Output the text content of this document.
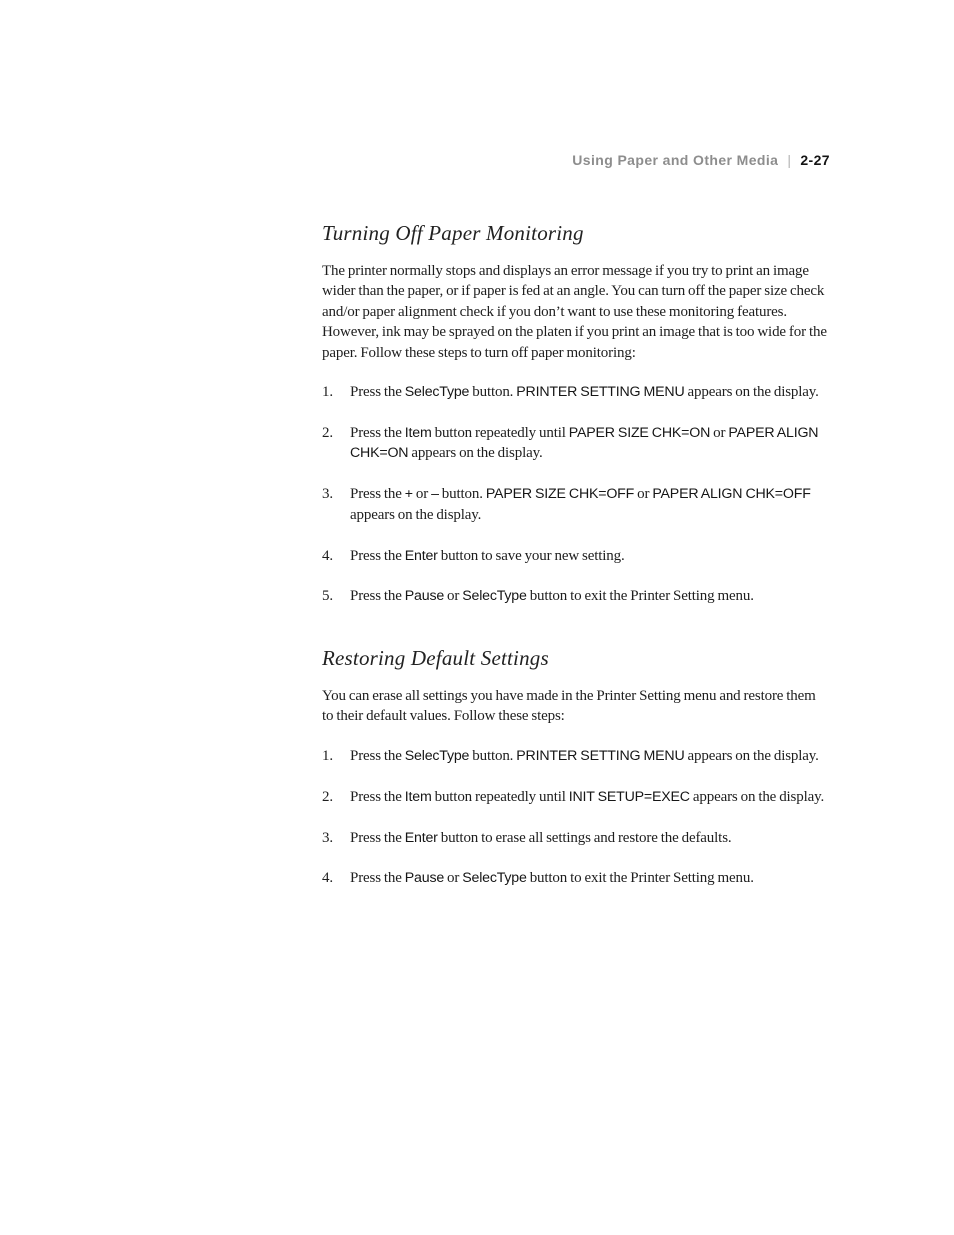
Using Paper and Other Media | 2-27
Turning Off Paper Monitoring

The printer normally stops and displays an error message if you try to print an image wider than the paper, or if paper is fed at an angle. You can turn off the paper size check and/or paper alignment check if you don’t want to use these monitoring features. However, ink may be sprayed on the platen if you print an image that is too wide for the paper. Follow these steps to turn off paper monitoring:

1.	Press the SelecType button. PRINTER SETTING MENU appears on the display.
2.	Press the Item button repeatedly until PAPER SIZE CHK=ON or PAPER ALIGN CHK=ON appears on the display.
3.	Press the + or – button. PAPER SIZE CHK=OFF or PAPER ALIGN CHK=OFF appears on the display.
4.	Press the Enter button to save your new setting.
5.	Press the Pause or SelecType button to exit the Printer Setting menu.
Restoring Default Settings

You can erase all settings you have made in the Printer Setting menu and restore them to their default values. Follow these steps:

1.	Press the SelecType button. PRINTER SETTING MENU appears on the display.
2.	Press the Item button repeatedly until INIT SETUP=EXEC appears on the display.
3.	Press the Enter button to erase all settings and restore the defaults.
4.	Press the Pause or SelecType button to exit the Printer Setting menu.
